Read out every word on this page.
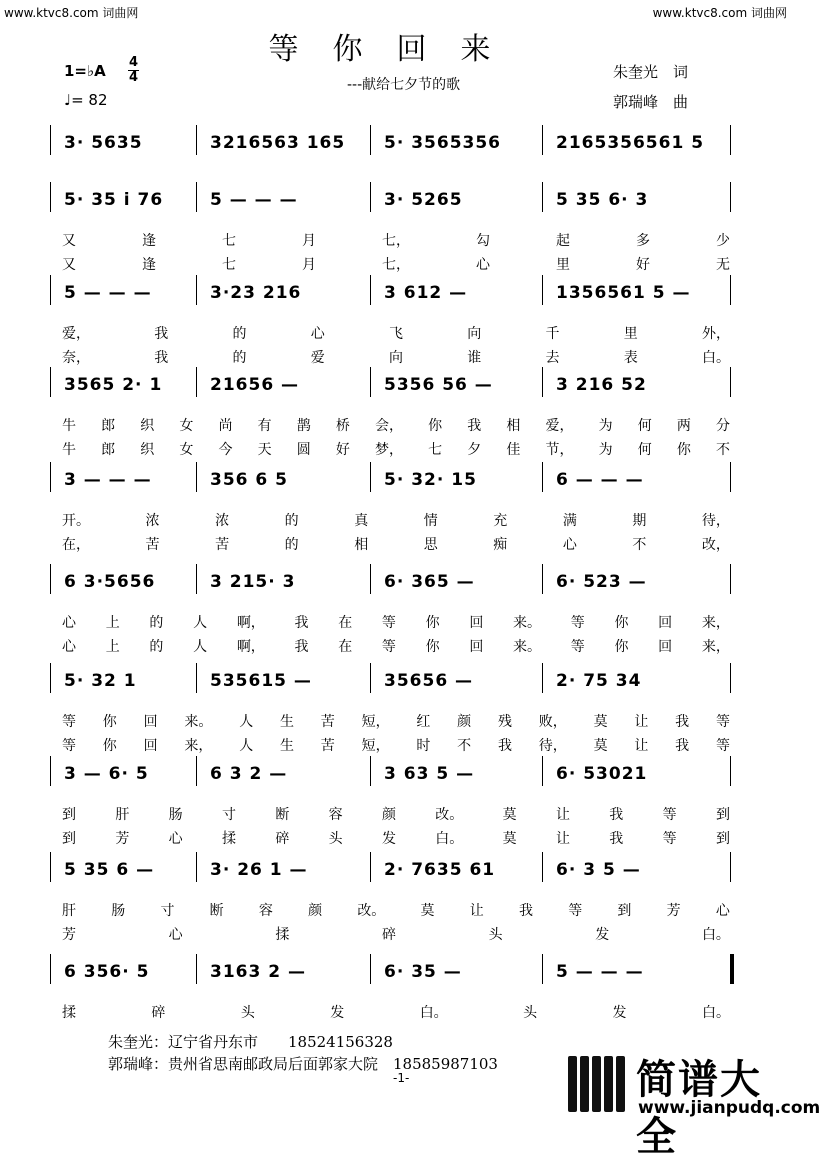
www.ktvc8.com 词曲网	www.ktvc8.com 词曲网
等你回来
---献给七夕节的歌
1=♭A 4
4
♩= 82
朱奎光　词
郭瑞峰　曲
3· 5635	3216563 165 5· 3565356	2165356561 5
5· 35 i 76	5 — — —	3· 5265	5 35 6· 3
又	逢	七	月	七，	勾	起	多	少
又	逢	七	月	七，	心	里	好	无
5 — — —	3·23 216	3 612 —	1356561 5 —
爱，	我	的	心	飞	向	千	里	外，
奈，	我	的	爱	向	谁	去	表	白。
3565 2· 1	21656 —	5356 56 —	3 216 52
牛 郎 织 女 尚 有 鹊 桥 会， 你 我 相 爱， 为 何 两 分
牛 郎 织 女 今 天 圆 好 梦， 七 夕 佳 节， 为 何 你 不
3 — — —	356 6 5	5· 32· 15	6 — — —
开。	浓	浓	的	真	情	充	满	期	待，
在，	苦	苦	的	相	思	痴	心	不	改，
6 3·5656	3 215· 3	6· 365 —	6· 523 —
心 上 的 人 啊， 我 在 等 你 回 来。 等 你 回 来，
心 上 的 人 啊， 我 在 等 你 回 来。 等 你 回 来，
5· 32 1	535615 —	35656 —	2· 75 34
等 你 回 来。 人 生 苦 短， 红 颜 残 败， 莫 让 我 等
等 你 回 来， 人 生 苦 短， 时 不 我 待， 莫 让 我 等
3 — 6· 5	6 3 2 —	3 63 5 —	6· 53021
到	肝	肠	寸	断	容	颜	改。	莫	让	我	等	到
到	芳	心	揉	碎	头	发	白。	莫	让	我	等	到
5 35 6 —	3· 26 1 —	2· 7635 61	6· 3 5 —
肝	肠	寸	断	容	颜	改。	莫	让	我	等	到	芳	心
芳	心	揉	碎	头	发	白。
6 356· 5	3163 2 —	6· 35 —	5 — — —
揉	碎	头	发	白。	头	发	白。
朱奎光：辽宁省丹东市　　18524156328
郭瑞峰：贵州省思南邮政局后面郭家大院　18585987103
-1-	简谱大全
www.jianpudq.com
